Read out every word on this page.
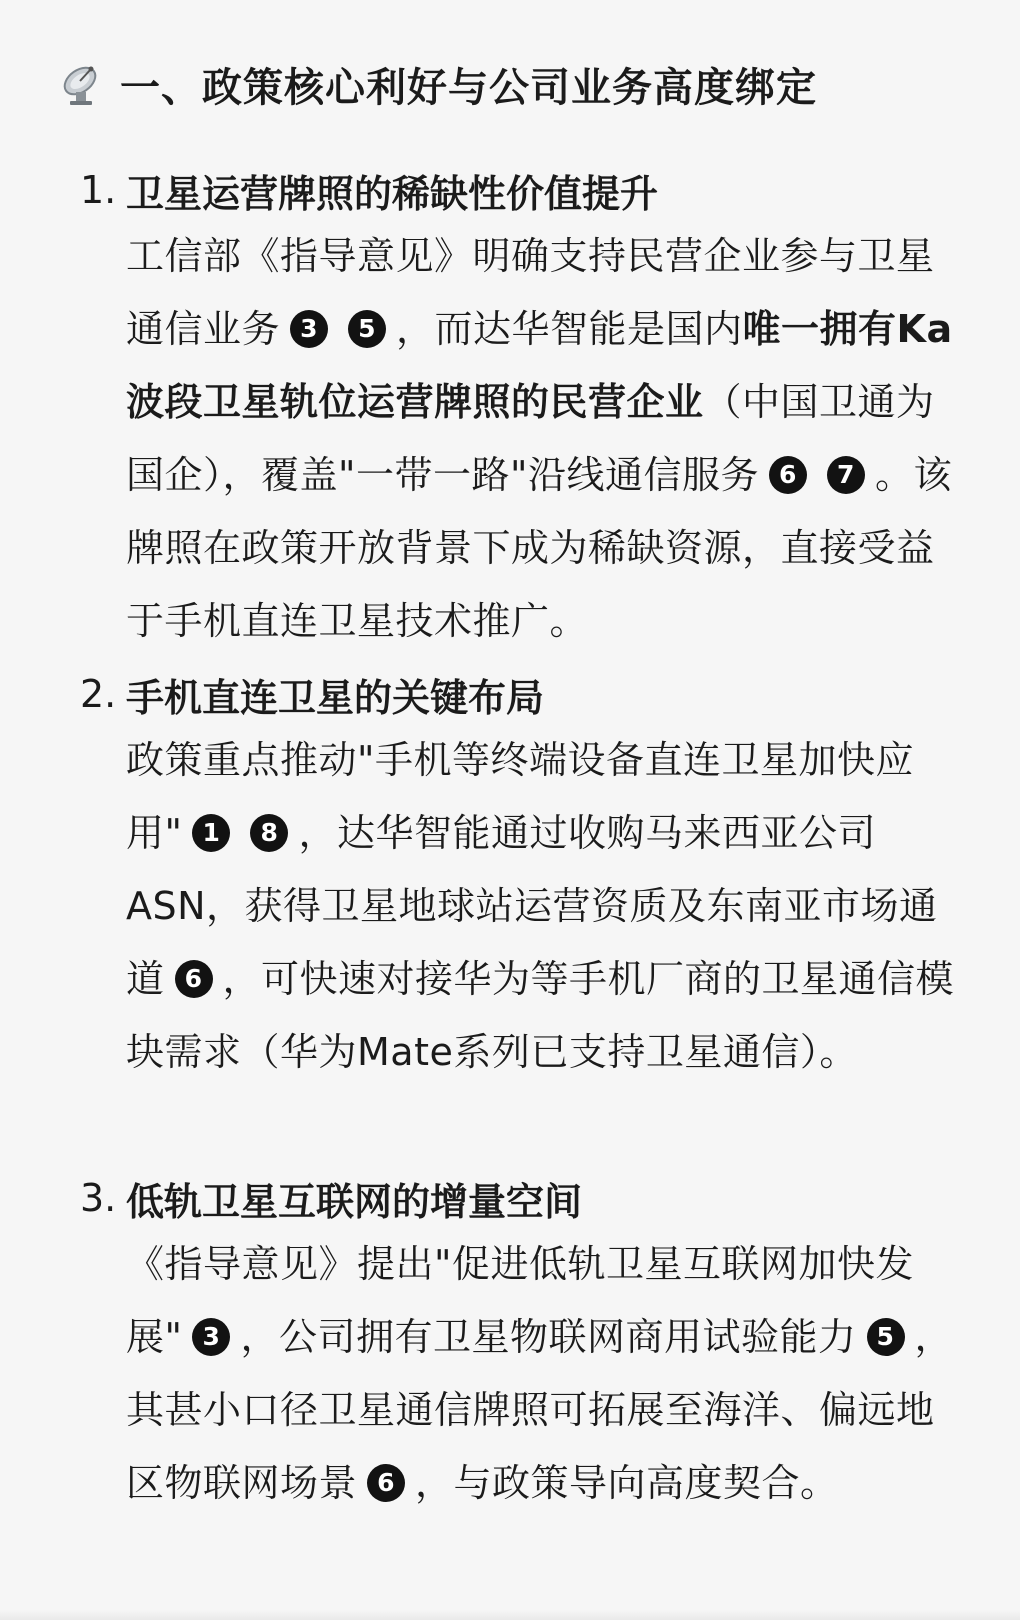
一、政策核心利好与公司业务高度绑定
1. 卫星运营牌照的稀缺性价值提升
工信部《指导意见》明确支持民营企业参与卫星通信业务 3 5 ，而达华智能是国内唯一拥有Ka波段卫星轨位运营牌照的民营企业（中国卫通为国企），覆盖"一带一路"沿线通信服务 6 7 。该牌照在政策开放背景下成为稀缺资源，直接受益于手机直连卫星技术推广。
2. 手机直连卫星的关键布局
政策重点推动"手机等终端设备直连卫星加快应用" 1 8 ，达华智能通过收购马来西亚公司ASN，获得卫星地球站运营资质及东南亚市场通道 6 ，可快速对接华为等手机厂商的卫星通信模块需求（华为Mate系列已支持卫星通信）。
3. 低轨卫星互联网的增量空间
《指导意见》提出"促进低轨卫星互联网加快发展" 3 ，公司拥有卫星物联网商用试验能力 5 ，其甚小口径卫星通信牌照可拓展至海洋、偏远地区物联网场景 6 ，与政策导向高度契合。
